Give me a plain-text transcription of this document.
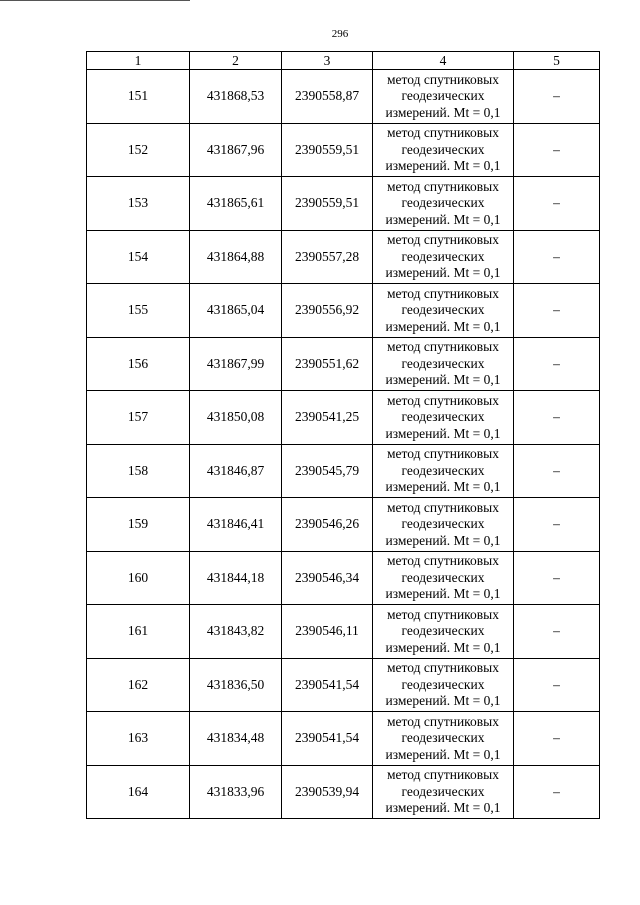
296
1	2	3	4	5
151	431868,53	2390558,87	метод спутниковых геодезических измерений. Mt = 0,1	–
152	431867,96	2390559,51	метод спутниковых геодезических измерений. Mt = 0,1	–
153	431865,61	2390559,51	метод спутниковых геодезических измерений. Mt = 0,1	–
154	431864,88	2390557,28	метод спутниковых геодезических измерений. Mt = 0,1	–
155	431865,04	2390556,92	метод спутниковых геодезических измерений. Mt = 0,1	–
156	431867,99	2390551,62	метод спутниковых геодезических измерений. Mt = 0,1	–
157	431850,08	2390541,25	метод спутниковых геодезических измерений. Mt = 0,1	–
158	431846,87	2390545,79	метод спутниковых геодезических измерений. Mt = 0,1	–
159	431846,41	2390546,26	метод спутниковых геодезических измерений. Mt = 0,1	–
160	431844,18	2390546,34	метод спутниковых геодезических измерений. Mt = 0,1	–
161	431843,82	2390546,11	метод спутниковых геодезических измерений. Mt = 0,1	–
162	431836,50	2390541,54	метод спутниковых геодезических измерений. Mt = 0,1	–
163	431834,48	2390541,54	метод спутниковых геодезических измерений. Mt = 0,1	–
164	431833,96	2390539,94	метод спутниковых геодезических измерений. Mt = 0,1	–
